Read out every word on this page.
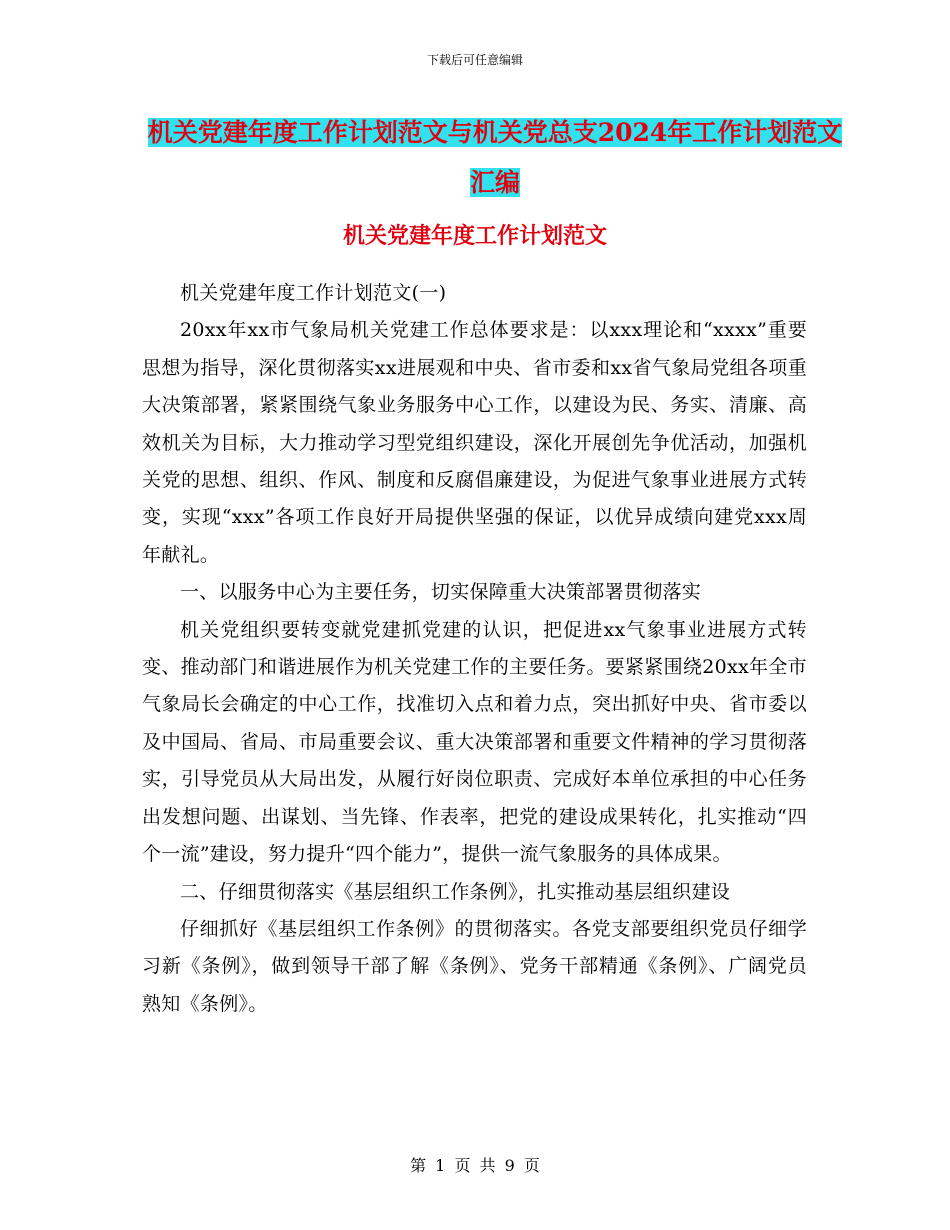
下载后可任意编辑
机关党建年度工作计划范文与机关党总支2024年工作计划范文汇编
机关党建年度工作计划范文

机关党建年度工作计划范文(一)

20xx年xx市气象局机关党建工作总体要求是：以xxx理论和“xxxx”重要思想为指导，深化贯彻落实xx进展观和中央、省市委和xx省气象局党组各项重大决策部署，紧紧围绕气象业务服务中心工作，以建设为民、务实、清廉、高效机关为目标，大力推动学习型党组织建设，深化开展创先争优活动，加强机关党的思想、组织、作风、制度和反腐倡廉建设，为促进气象事业进展方式转变，实现“xxx”各项工作良好开局提供坚强的保证，以优异成绩向建党xxx周年献礼。

一、以服务中心为主要任务，切实保障重大决策部署贯彻落实

机关党组织要转变就党建抓党建的认识，把促进xx气象事业进展方式转变、推动部门和谐进展作为机关党建工作的主要任务。要紧紧围绕20xx年全市气象局长会确定的中心工作，找准切入点和着力点，突出抓好中央、省市委以及中国局、省局、市局重要会议、重大决策部署和重要文件精神的学习贯彻落实，引导党员从大局出发，从履行好岗位职责、完成好本单位承担的中心任务出发想问题、出谋划、当先锋、作表率，把党的建设成果转化，扎实推动“四个一流”建设，努力提升“四个能力”，提供一流气象服务的具体成果。

二、仔细贯彻落实《基层组织工作条例》，扎实推动基层组织建设

仔细抓好《基层组织工作条例》的贯彻落实。各党支部要组织党员仔细学习新《条例》，做到领导干部了解《条例》、党务干部精通《条例》、广阔党员熟知《条例》。

第 1 页 共 9 页
